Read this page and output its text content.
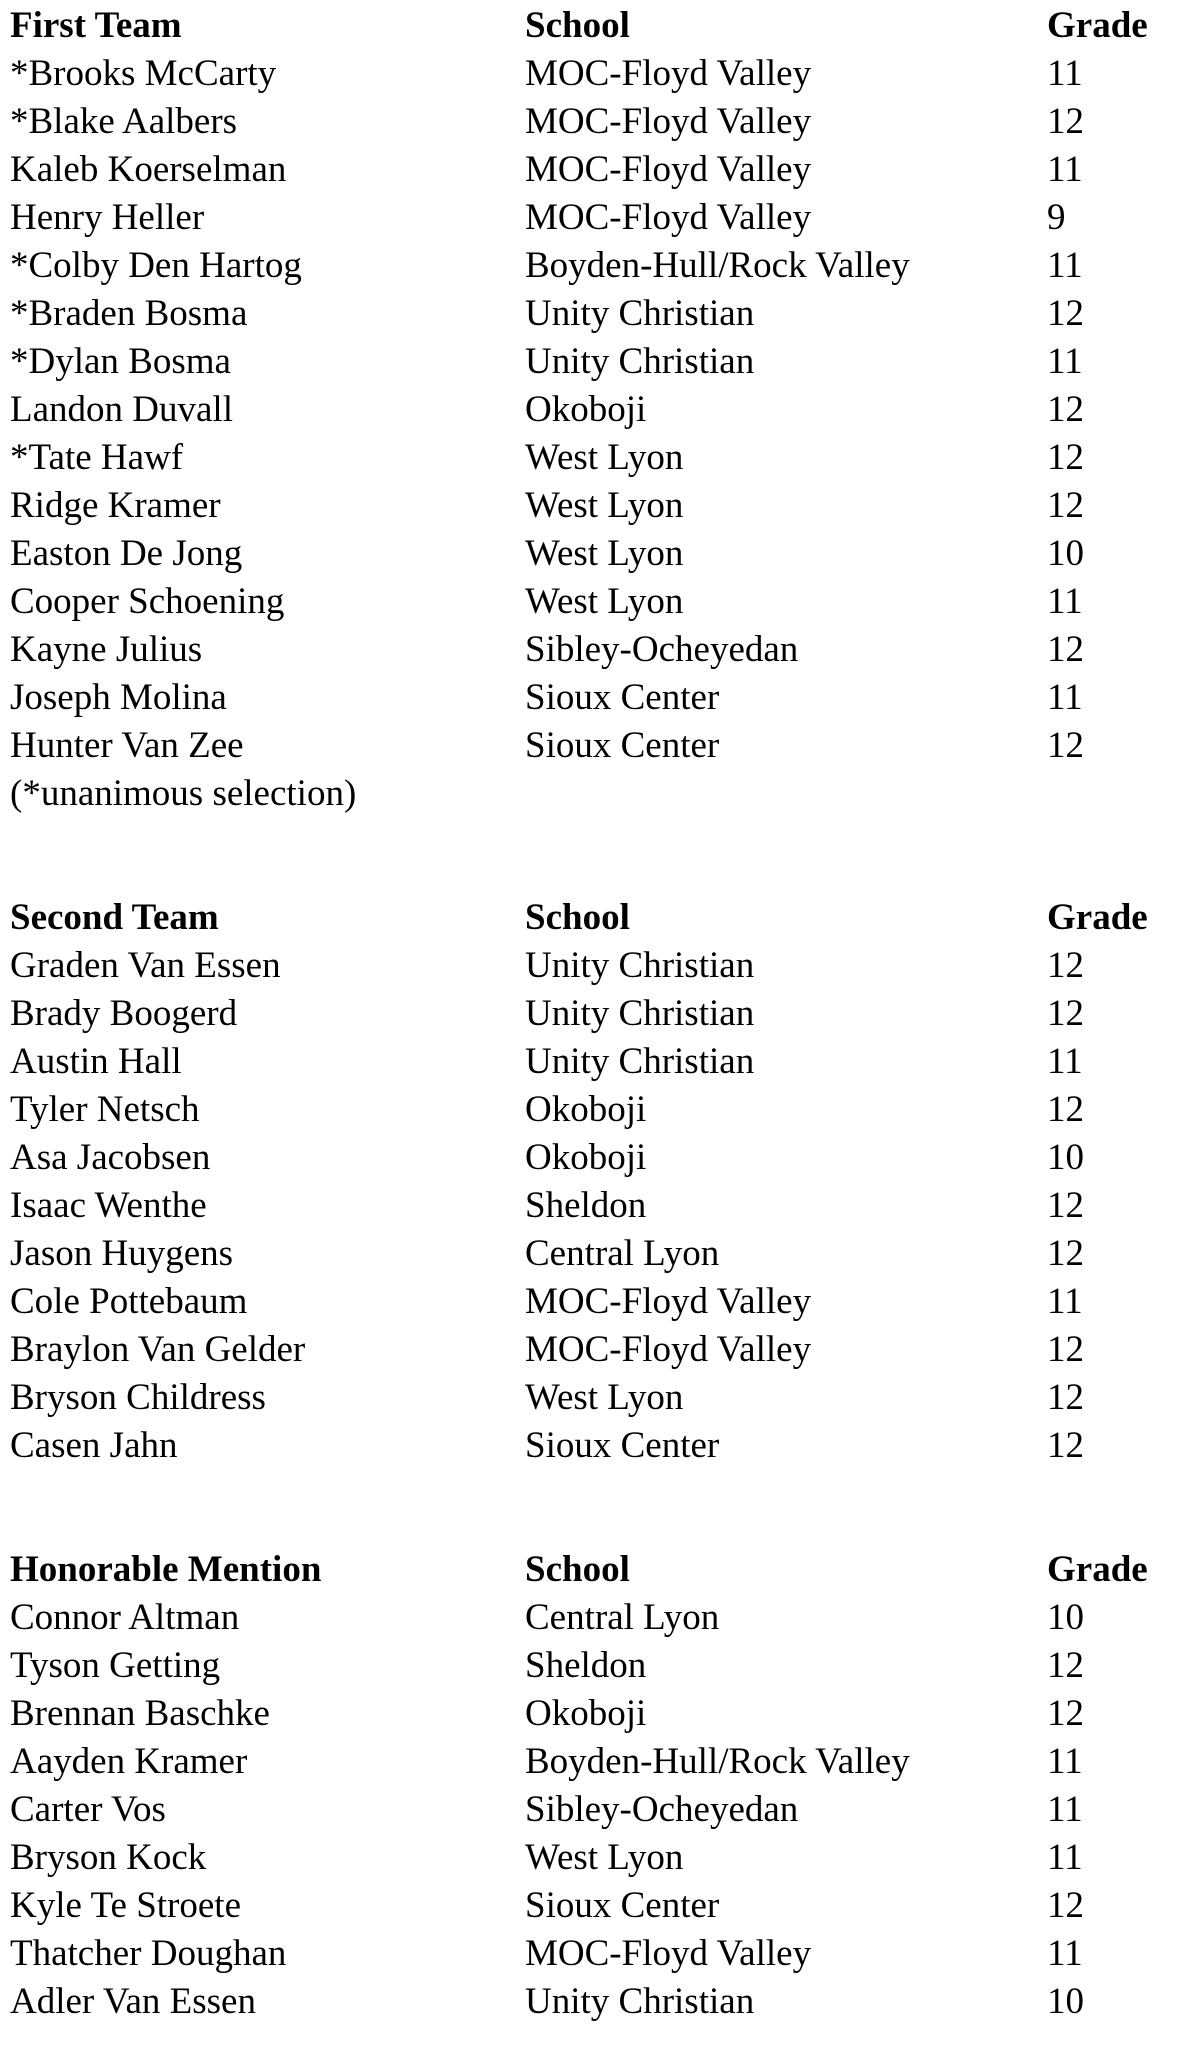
First Team	School	Grade
*Brooks McCarty	MOC-Floyd Valley	11
*Blake Aalbers	MOC-Floyd Valley	12
Kaleb Koerselman	MOC-Floyd Valley	11
Henry Heller	MOC-Floyd Valley	9
*Colby Den Hartog	Boyden-Hull/Rock Valley	11
*Braden Bosma	Unity Christian	12
*Dylan Bosma	Unity Christian	11
Landon Duvall	Okoboji	12
*Tate Hawf	West Lyon	12
Ridge Kramer	West Lyon	12
Easton De Jong	West Lyon	10
Cooper Schoening	West Lyon	11
Kayne Julius	Sibley-Ocheyedan	12
Joseph Molina	Sioux Center	11
Hunter Van Zee	Sioux Center	12
(*unanimous selection)
Second Team	School	Grade
Graden Van Essen	Unity Christian	12
Brady Boogerd	Unity Christian	12
Austin Hall	Unity Christian	11
Tyler Netsch	Okoboji	12
Asa Jacobsen	Okoboji	10
Isaac Wenthe	Sheldon	12
Jason Huygens	Central Lyon	12
Cole Pottebaum	MOC-Floyd Valley	11
Braylon Van Gelder	MOC-Floyd Valley	12
Bryson Childress	West Lyon	12
Casen Jahn	Sioux Center	12
Honorable Mention	School	Grade
Connor Altman	Central Lyon	10
Tyson Getting	Sheldon	12
Brennan Baschke	Okoboji	12
Aayden Kramer	Boyden-Hull/Rock Valley	11
Carter Vos	Sibley-Ocheyedan	11
Bryson Kock	West Lyon	11
Kyle Te Stroete	Sioux Center	12
Thatcher Doughan	MOC-Floyd Valley	11
Adler Van Essen	Unity Christian	10
